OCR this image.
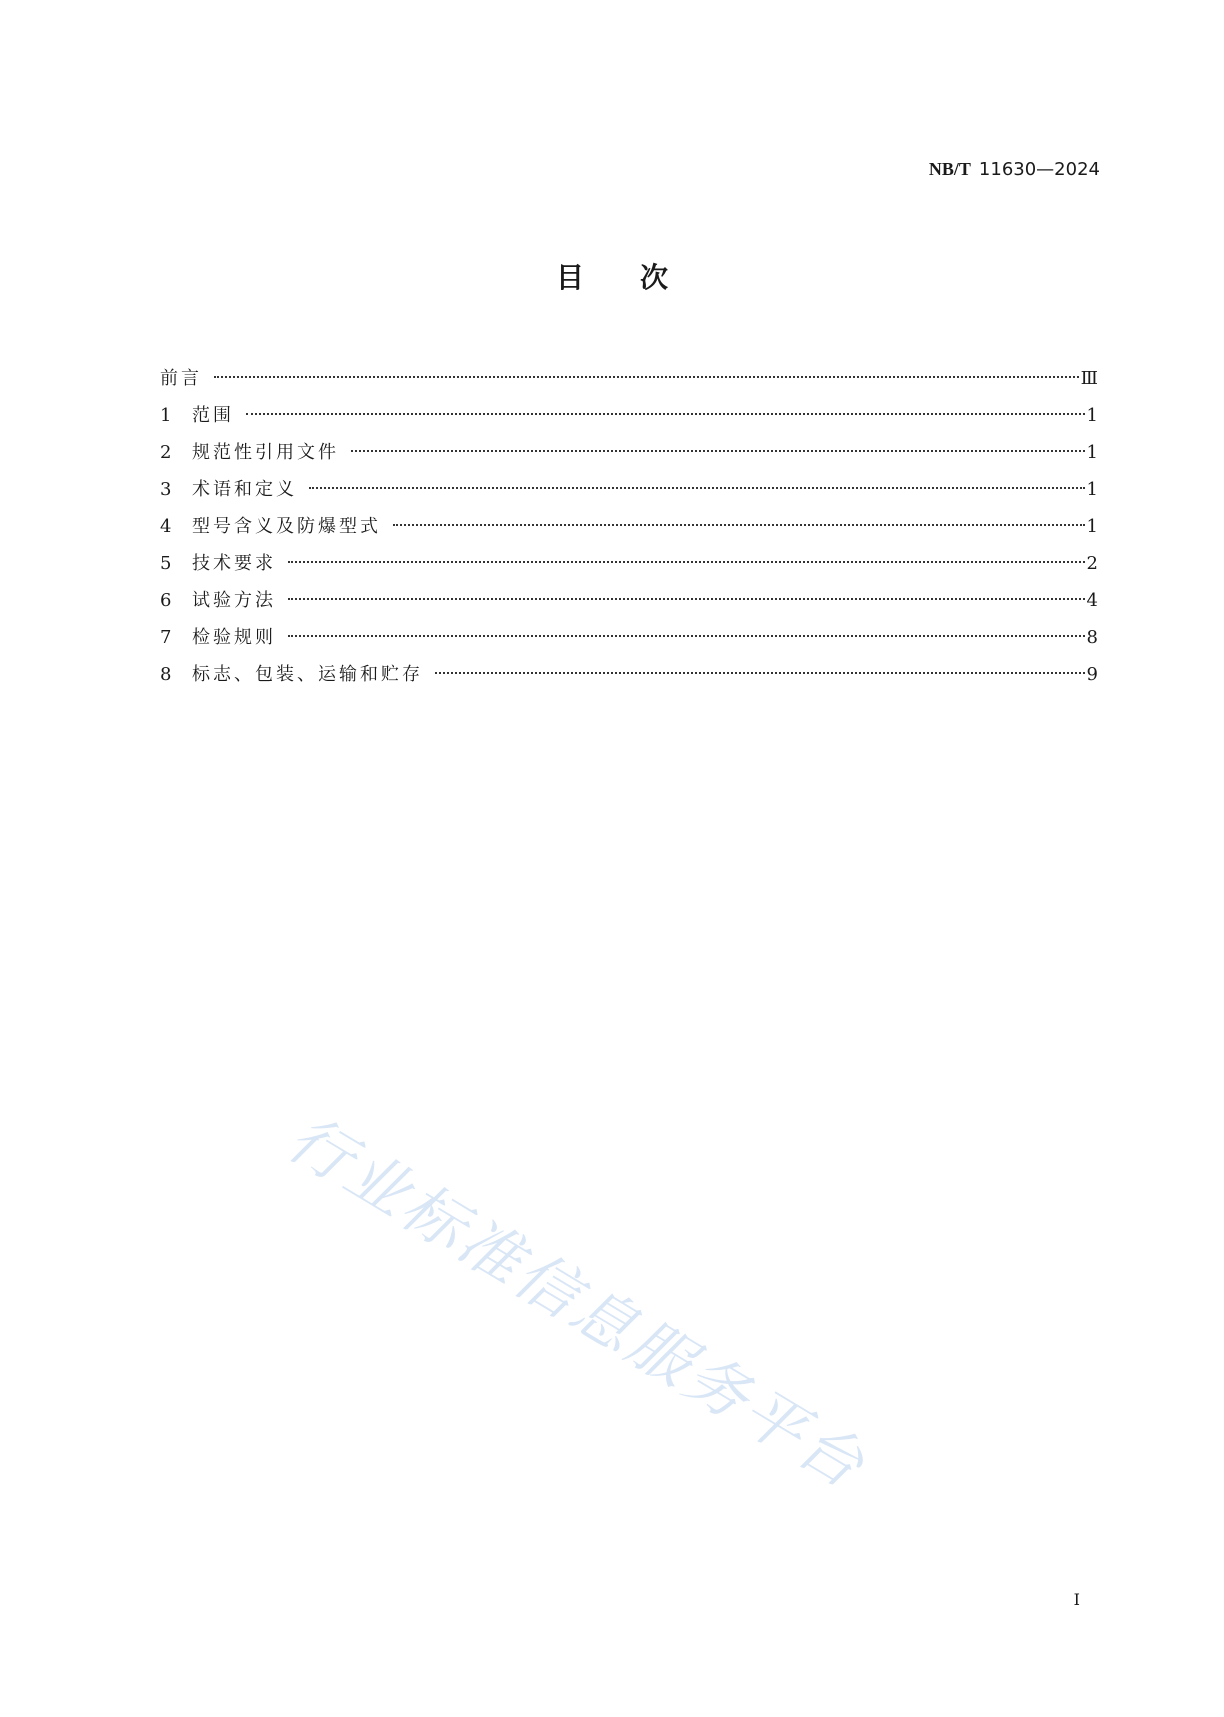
NB/T 11630—2024
目次
前言	Ⅲ
1	范围	1
2	规范性引用文件	1
3	术语和定义	1
4	型号含义及防爆型式	1
5	技术要求	2
6	试验方法	4
7	检验规则	8
8	标志、包装、运输和贮存	9
行业标准信息服务平台
Ⅰ
